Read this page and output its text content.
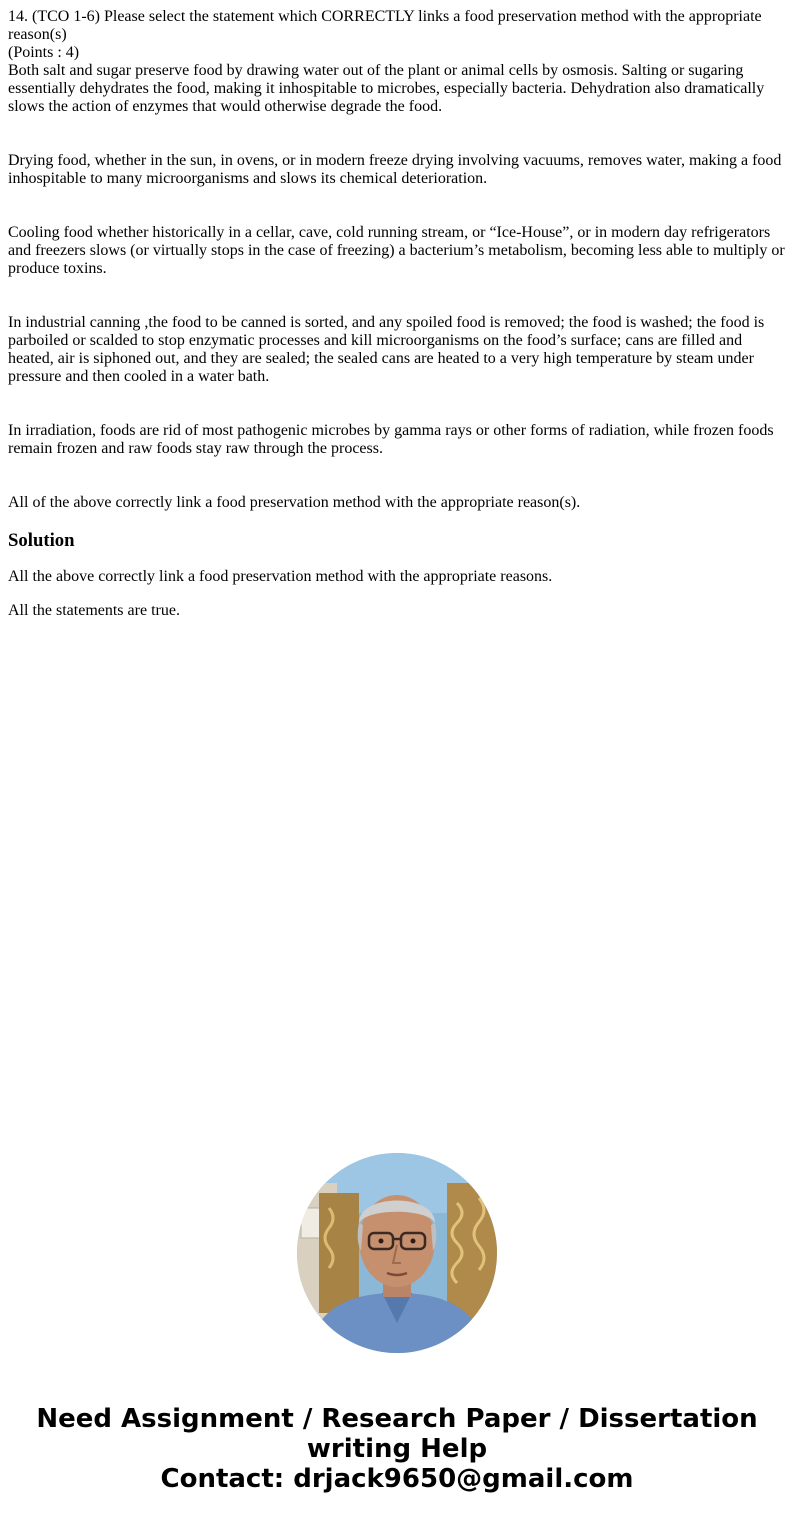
14. (TCO 1-6) Please select the statement which CORRECTLY links a food preservation method with the appropriate reason(s)
(Points : 4)

Both salt and sugar preserve food by drawing water out of the plant or animal cells by osmosis. Salting or sugaring essentially dehydrates the food, making it inhospitable to microbes, especially bacteria. Dehydration also dramatically slows the action of enzymes that would otherwise degrade the food.

Drying food, whether in the sun, in ovens, or in modern freeze drying involving vacuums, removes water, making a food inhospitable to many microorganisms and slows its chemical deterioration.

Cooling food whether historically in a cellar, cave, cold running stream, or “Ice-House”, or in modern day refrigerators and freezers slows (or virtually stops in the case of freezing) a bacterium’s metabolism, becoming less able to multiply or produce toxins.

In industrial canning ,the food to be canned is sorted, and any spoiled food is removed; the food is washed; the food is parboiled or scalded to stop enzymatic processes and kill microorganisms on the food’s surface; cans are filled and heated, air is siphoned out, and they are sealed; the sealed cans are heated to a very high temperature by steam under pressure and then cooled in a water bath.

In irradiation, foods are rid of most pathogenic microbes by gamma rays or other forms of radiation, while frozen foods remain frozen and raw foods stay raw through the process.

All of the above correctly link a food preservation method with the appropriate reason(s).

Solution

All the above correctly link a food preservation method with the appropriate reasons.

All the statements are true.

Need Assignment / Research Paper / Dissertation
writing Help
Contact: drjack9650@gmail.com
